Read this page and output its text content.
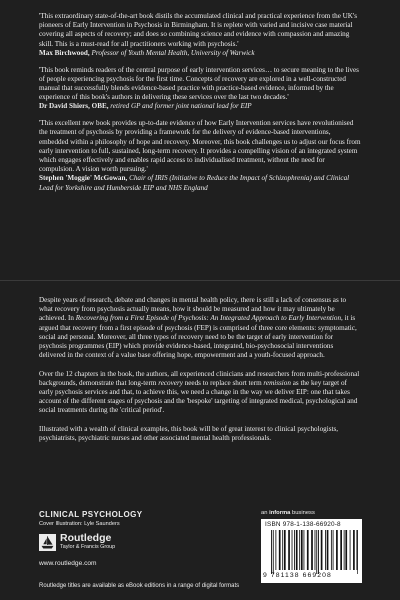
'This extraordinary state-of-the-art book distils the accumulated clinical and practical experience from the UK's pioneers of Early Intervention in Psychosis in Birmingham. It is replete with varied and incisive case material covering all aspects of recovery; and does so combining science and evidence with compassion and amazing skill. This is a must-read for all practitioners working with psychosis.'

Max Birchwood, Professor of Youth Mental Health, University of Warwick

'This book reminds readers of the central purpose of early intervention services… to secure meaning to the lives of people experiencing psychosis for the first time. Concepts of recovery are explored in a well-constructed manual that successfully blends evidence-based practice with practice-based evidence, informed by the experience of this book's authors in delivering these services over the last two decades.'

Dr David Shiers, OBE, retired GP and former joint national lead for EIP

'This excellent new book provides up-to-date evidence of how Early Intervention services have revolutionised the treatment of psychosis by providing a framework for the delivery of evidence-based interventions, embedded within a philosophy of hope and recovery. Moreover, this book challenges us to adjust our focus from early intervention to full, sustained, long-term recovery. It provides a compelling vision of an integrated system which engages effectively and enables rapid access to individualised treatment, without the need for compulsion. A vision worth pursuing.'

Stephen 'Moggie' McGowan, Chair of IRIS (Initiative to Reduce the Impact of Schizophrenia) and Clinical Lead for Yorkshire and Humberside EIP and NHS England

Despite years of research, debate and changes in mental health policy, there is still a lack of consensus as to what recovery from psychosis actually means, how it should be measured and how it may ultimately be achieved. In Recovering from a First Episode of Psychosis: An Integrated Approach to Early Intervention, it is argued that recovery from a first episode of psychosis (FEP) is comprised of three core elements: symptomatic, social and personal. Moreover, all three types of recovery need to be the target of early intervention for psychosis programmes (EIP) which provide evidence-based, integrated, bio-psychosocial interventions delivered in the context of a value base offering hope, empowerment and a youth-focused approach.

Over the 12 chapters in the book, the authors, all experienced clinicians and researchers from multi-professional backgrounds, demonstrate that long-term recovery needs to replace short term remission as the key target of early psychosis services and that, to achieve this, we need a change in the way we deliver EIP: one that takes account of the different stages of psychosis and the 'bespoke' targeting of integrated medical, psychological and social treatments during the 'critical period'.

Illustrated with a wealth of clinical examples, this book will be of great interest to clinical psychologists, psychiatrists, psychiatric nurses and other associated mental health professionals.

CLINICAL PSYCHOLOGY
Cover Illustration: Lyle Saunders
Routledge
Taylor & Francis Group
www.routledge.com
Routledge titles are available as eBook editions in a range of digital formats
an informa business
ISBN 978-1-138-66920-8
9 781138 669208
